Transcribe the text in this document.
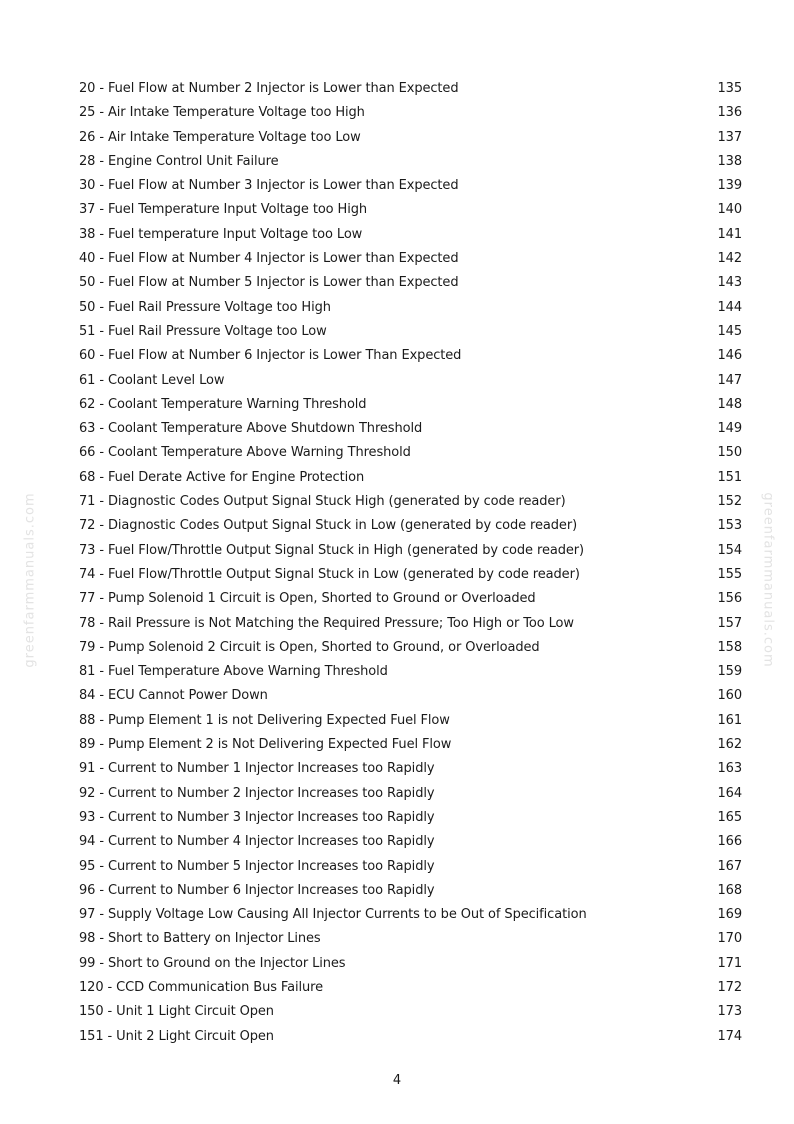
greenfarmmanuals.com	greenfarmmanuals.com
20 - Fuel Flow at Number 2 Injector is Lower than Expected	135
25 - Air Intake Temperature Voltage too High	136
26 - Air Intake Temperature Voltage too Low	137
28 - Engine Control Unit Failure	138
30 - Fuel Flow at Number 3 Injector is Lower than Expected	139
37 - Fuel Temperature Input Voltage too High	140
38 - Fuel temperature Input Voltage too Low	141
40 - Fuel Flow at Number 4 Injector is Lower than Expected	142
50 - Fuel Flow at Number 5 Injector is Lower than Expected	143
50 - Fuel Rail Pressure Voltage too High	144
51 - Fuel Rail Pressure Voltage too Low	145
60 - Fuel Flow at Number 6 Injector is Lower Than Expected	146
61 - Coolant Level Low	147
62 - Coolant Temperature Warning Threshold	148
63 - Coolant Temperature Above Shutdown Threshold	149
66 - Coolant Temperature Above Warning Threshold	150
68 - Fuel Derate Active for Engine Protection	151
71 - Diagnostic Codes Output Signal Stuck High (generated by code reader)	152
72 - Diagnostic Codes Output Signal Stuck in Low (generated by code reader)	153
73 - Fuel Flow/Throttle Output Signal Stuck in High (generated by code reader)	154
74 - Fuel Flow/Throttle Output Signal Stuck in Low (generated by code reader)	155
77 - Pump Solenoid 1 Circuit is Open, Shorted to Ground or Overloaded	156
78 - Rail Pressure is Not Matching the Required Pressure; Too High or Too Low	157
79 - Pump Solenoid 2 Circuit is Open, Shorted to Ground, or Overloaded	158
81 - Fuel Temperature Above Warning Threshold	159
84 - ECU Cannot Power Down	160
88 - Pump Element 1 is not Delivering Expected Fuel Flow	161
89 - Pump Element 2 is Not Delivering Expected Fuel Flow	162
91 - Current to Number 1 Injector Increases too Rapidly	163
92 - Current to Number 2 Injector Increases too Rapidly	164
93 - Current to Number 3 Injector Increases too Rapidly	165
94 - Current to Number 4 Injector Increases too Rapidly	166
95 - Current to Number 5 Injector Increases too Rapidly	167
96 - Current to Number 6 Injector Increases too Rapidly	168
97 - Supply Voltage Low Causing All Injector Currents to be Out of Specification	169
98 - Short to Battery on Injector Lines	170
99 - Short to Ground on the Injector Lines	171
120 - CCD Communication Bus Failure	172
150 - Unit 1 Light Circuit Open	173
151 - Unit 2 Light Circuit Open	174
4
